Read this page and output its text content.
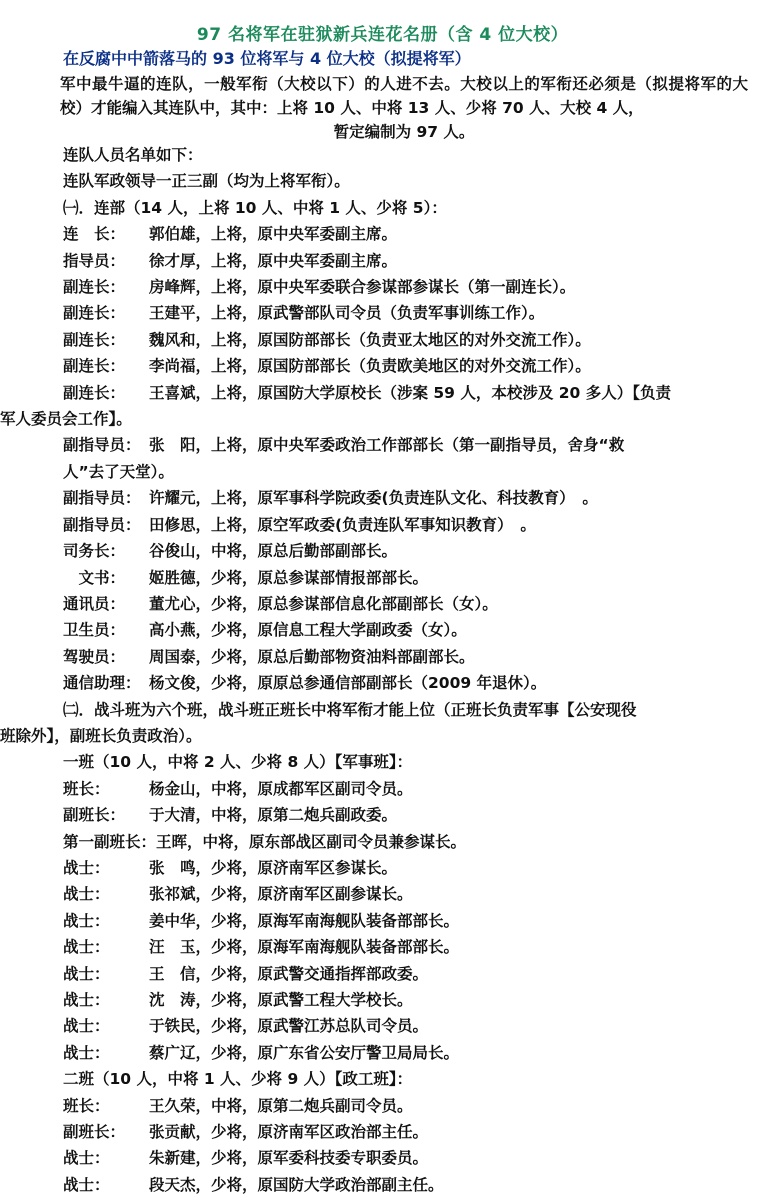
97 名将军在驻狱新兵连花名册（含 4 位大校）
在反腐中中箭落马的 93 位将军与 4 位大校（拟提将军）
军中最牛逼的连队，一般军衔（大校以下）的人进不去。大校以上的军衔还必须是（拟提将军的大校）才能编入其连队中，其中：上将 10 人、中将 13 人、少将 70 人、大校 4 人，
暂定编制为 97 人。
连队人员名单如下：
连队军政领导一正三副（均为上将军衔）。
㈠．连部（14 人，上将 10 人、中将 1 人、少将 5）：
连　长： 郭伯雄，上将，原中央军委副主席。
指导员： 徐才厚，上将，原中央军委副主席。
副连长： 房峰辉，上将，原中央军委联合参谋部参谋长（第一副连长）。
副连长： 王建平，上将，原武警部队司令员（负责军事训练工作）。
副连长： 魏风和，上将，原国防部部长（负责亚太地区的对外交流工作）。
副连长： 李尚福，上将，原国防部部长（负责欧美地区的对外交流工作）。
副连长： 王喜斌，上将，原国防大学原校长（涉案 59 人，本校涉及 20 多人）【负责
军人委员会工作】。
副指导员： 张　阳，上将，原中央军委政治工作部部长（第一副指导员，舍身“救
人”去了天堂）。
副指导员： 许耀元，上将，原军事科学院政委(负责连队文化、科技教育）　。
副指导员： 田修思，上将，原空军政委(负责连队军事知识教育）　。
司务长： 谷俊山，中将，原总后勤部副部长。
　文书： 姬胜德，少将，原总参谋部情报部部长。
通讯员： 董尤心，少将，原总参谋部信息化部副部长（女）。
卫生员： 高小燕，少将，原信息工程大学副政委（女）。
驾驶员： 周国泰，少将，原总后勤部物资油料部副部长。
通信助理： 杨文俊，少将，原原总参通信部副部长（2009 年退休）。
㈡．战斗班为六个班，战斗班正班长中将军衔才能上位（正班长负责军事【公安现役
班除外】，副班长负责政治）。
一班（10 人，中将 2 人、少将 8 人）【军事班】：
班长：	杨金山，中将，原成都军区副司令员。
副班长： 于大清，中将，原第二炮兵副政委。
第一副班长：王晖，中将，原东部战区副司令员兼参谋长。
战士：	张　鸣，少将，原济南军区参谋长。
战士：	张祁斌，少将，原济南军区副参谋长。
战士：	姜中华，少将，原海军南海舰队装备部部长。
战士：	汪　玉，少将，原海军南海舰队装备部部长。
战士：	王　信，少将，原武警交通指挥部政委。
战士：	沈　涛，少将，原武警工程大学校长。
战士：	于铁民，少将，原武警江苏总队司令员。
战士：	蔡广辽，少将，原广东省公安厅警卫局局长。
二班（10 人，中将 1 人、少将 9 人）【政工班】：
班长：	王久荣，中将，原第二炮兵副司令员。
副班长： 张贡献，少将，原济南军区政治部主任。
战士：	朱新建，少将，原军委科技委专职委员。
战士：	段天杰，少将，原国防大学政治部副主任。
